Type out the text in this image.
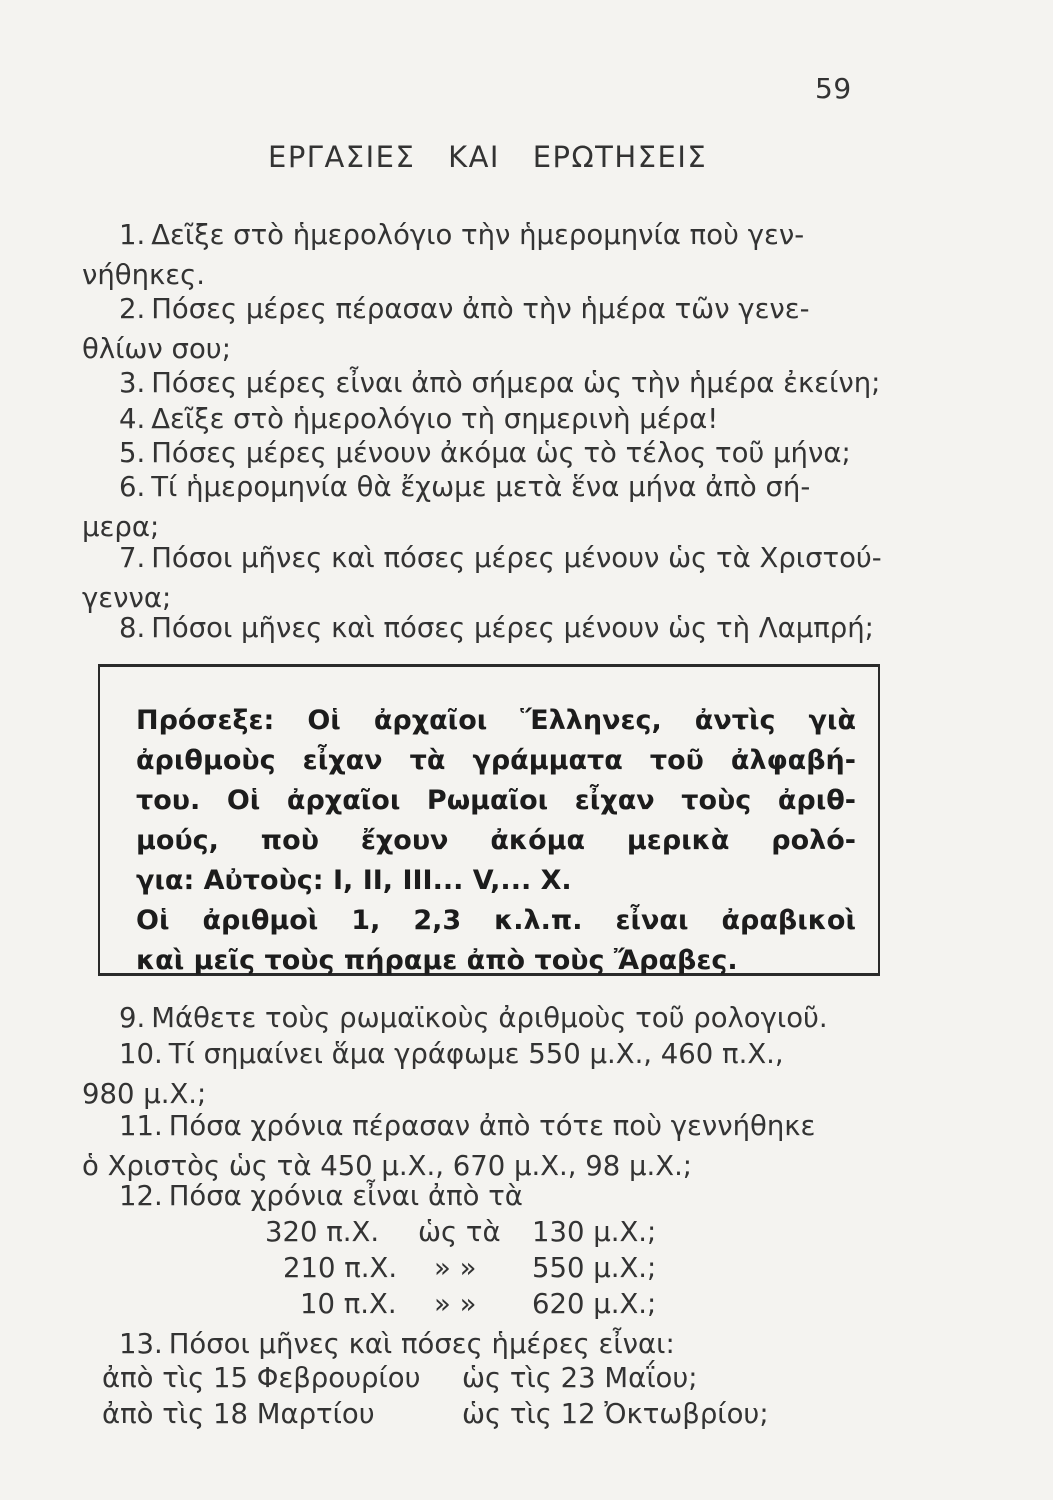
59
ΕΡΓΑΣΙΕΣ ΚΑΙ ΕΡΩΤΗΣΕΙΣ
1. Δεῖξε στὸ ἡμερολόγιο τὴν ἡμερομηνία ποὺ γεν-
νήθηκες.
2. Πόσες μέρες πέρασαν ἀπὸ τὴν ἡμέρα τῶν γενε-
θλίων σου;
3. Πόσες μέρες εἶναι ἀπὸ σήμερα ὡς τὴν ἡμέρα ἐκείνη;
4. Δεῖξε στὸ ἡμερολόγιο τὴ σημερινὴ μέρα!
5. Πόσες μέρες μένουν ἀκόμα ὡς τὸ τέλος τοῦ μήνα;
6. Τί ἡμερομηνία θὰ ἔχωμε μετὰ ἕνα μήνα ἀπὸ σή-
μερα;
7. Πόσοι μῆνες καὶ πόσες μέρες μένουν ὡς τὰ Χριστού-
γεννα;
8. Πόσοι μῆνες καὶ πόσες μέρες μένουν ὡς τὴ Λαμπρή;
Πρόσεξε: Οἱ ἀρχαῖοι Ἕλληνες, ἀντὶς γιὰ
ἀριθμοὺς εἶχαν τὰ γράμματα τοῦ ἀλφαβή-
του. Οἱ ἀρχαῖοι Ρωμαῖοι εἶχαν τοὺς ἀριθ-
μούς, ποὺ ἔχουν ἀκόμα μερικὰ ρολό-
για: Αὐτοὺς: I, II, III... V,... X.
Οἱ ἀριθμοὶ 1, 2,3 κ.λ.π. εἶναι ἀραβικοὶ
καὶ μεῖς τοὺς πήραμε ἀπὸ τοὺς Ἄραβες.
9. Μάθετε τοὺς ρωμαϊκοὺς ἀριθμοὺς τοῦ ρολογιοῦ.
10. Τί σημαίνει ἅμα γράφωμε 550 μ.Χ., 460 π.Χ.,
980 μ.Χ.;
11. Πόσα χρόνια πέρασαν ἀπὸ τότε ποὺ γεννήθηκε
ὁ Χριστὸς ὡς τὰ 450 μ.Χ., 670 μ.Χ., 98 μ.Χ.;
12. Πόσα χρόνια εἶναι ἀπὸ τὰ
320 π.Χ. ὡς τὰ 130 μ.Χ.;
210 π.Χ. » » 550 μ.Χ.;
10 π.Χ. » » 620 μ.Χ.;
13. Πόσοι μῆνες καὶ πόσες ἡμέρες εἶναι:
ἀπὸ τὶς 15 Φεβρουρίου ὡς τὶς 23 Μαΐου;
ἀπὸ τὶς 18 Μαρτίου	ὡς τὶς 12 Ὀκτωβρίου;
